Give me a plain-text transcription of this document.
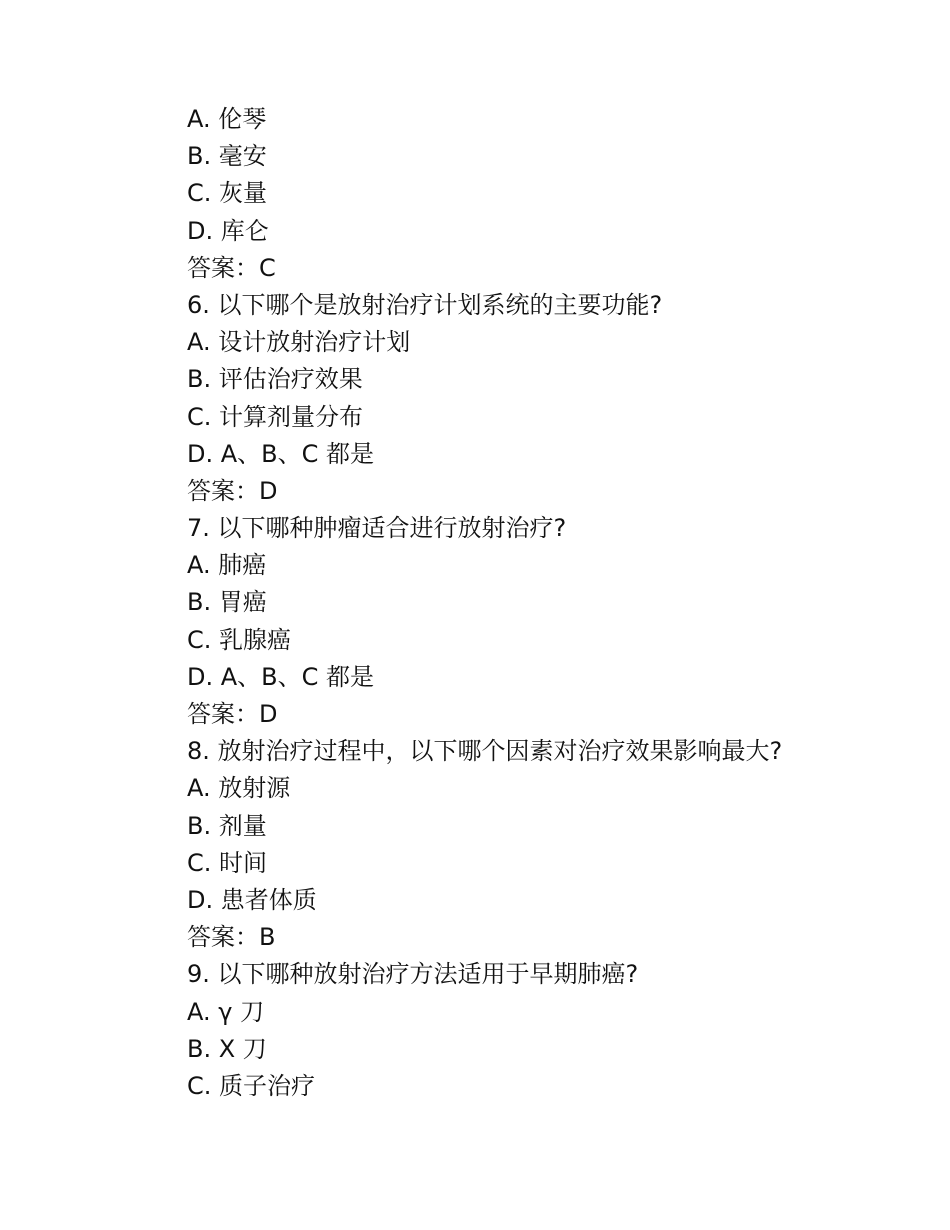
A. 伦琴
B. 毫安
C. 灰量
D. 库仑
答案：C
6. 以下哪个是放射治疗计划系统的主要功能?
A. 设计放射治疗计划
B. 评估治疗效果
C. 计算剂量分布
D. A、B、C 都是
答案：D
7. 以下哪种肿瘤适合进行放射治疗?
A. 肺癌
B. 胃癌
C. 乳腺癌
D. A、B、C 都是
答案：D
8. 放射治疗过程中，以下哪个因素对治疗效果影响最大?
A. 放射源
B. 剂量
C. 时间
D. 患者体质
答案：B
9. 以下哪种放射治疗方法适用于早期肺癌?
A. γ 刀
B. X 刀
C. 质子治疗
